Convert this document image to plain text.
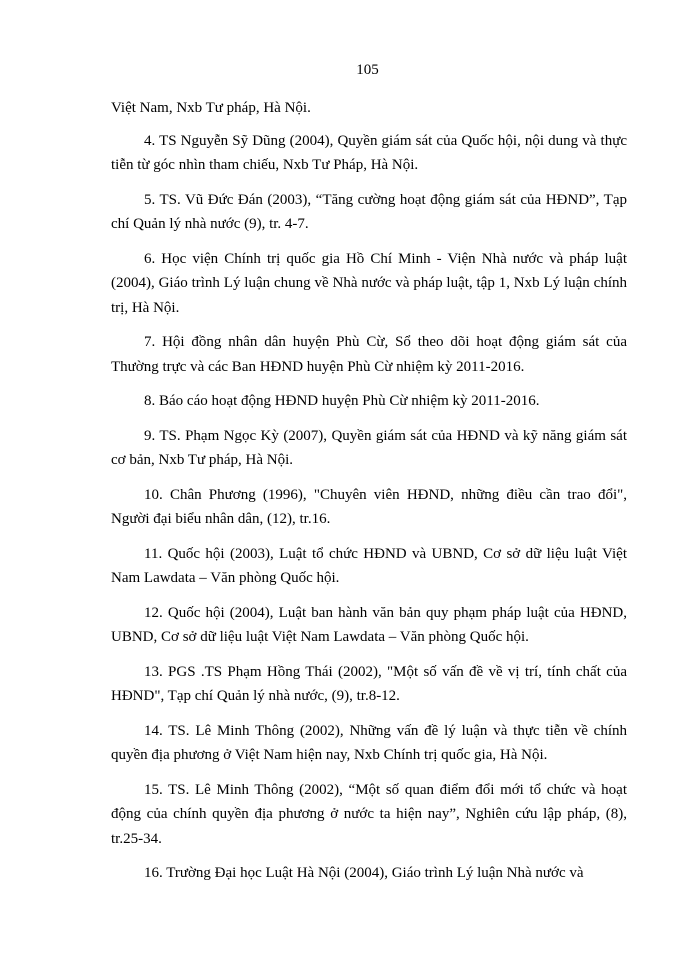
105

Việt Nam, Nxb Tư pháp, Hà Nội.

4. TS Nguyễn Sỹ Dũng (2004), Quyền giám sát của Quốc hội, nội dung và thực tiễn từ góc nhìn tham chiếu, Nxb Tư Pháp, Hà Nội.

5. TS. Vũ Đức Đán (2003), “Tăng cường hoạt động giám sát của HĐND”, Tạp chí Quản lý nhà nước (9), tr. 4-7.

6. Học viện Chính trị quốc gia Hồ Chí Minh - Viện Nhà nước và pháp luật (2004), Giáo trình Lý luận chung về Nhà nước và pháp luật, tập 1, Nxb Lý luận chính trị, Hà Nội.

7. Hội đồng nhân dân huyện Phù Cừ, Sổ theo dõi hoạt động giám sát của Thường trực và các Ban HĐND huyện Phù Cừ nhiệm kỳ 2011-2016.

8. Báo cáo hoạt động HĐND huyện Phù Cừ nhiệm kỳ 2011-2016.

9. TS. Phạm Ngọc Kỳ (2007), Quyền giám sát của HĐND và kỹ năng giám sát cơ bản, Nxb Tư pháp, Hà Nội.

10. Chân Phương (1996), "Chuyên viên HĐND, những điều cần trao đổi", Người đại biểu nhân dân, (12), tr.16.

11. Quốc hội (2003), Luật tổ chức HĐND và UBND, Cơ sở dữ liệu luật Việt Nam Lawdata – Văn phòng Quốc hội.

12. Quốc hội (2004), Luật ban hành văn bản quy phạm pháp luật của HĐND, UBND, Cơ sở dữ liệu luật Việt Nam Lawdata – Văn phòng Quốc hội.

13. PGS .TS Phạm Hồng Thái (2002), "Một số vấn đề về vị trí, tính chất của HĐND", Tạp chí Quản lý nhà nước, (9), tr.8-12.

14. TS. Lê Minh Thông (2002), Những vấn đề lý luận và thực tiễn về chính quyền địa phương ở Việt Nam hiện nay, Nxb Chính trị quốc gia, Hà Nội.

15. TS. Lê Minh Thông (2002), “Một số quan điểm đổi mới tổ chức và hoạt động của chính quyền địa phương ở nước ta hiện nay”, Nghiên cứu lập pháp, (8), tr.25-34.

16. Trường Đại học Luật Hà Nội (2004), Giáo trình Lý luận Nhà nước và
